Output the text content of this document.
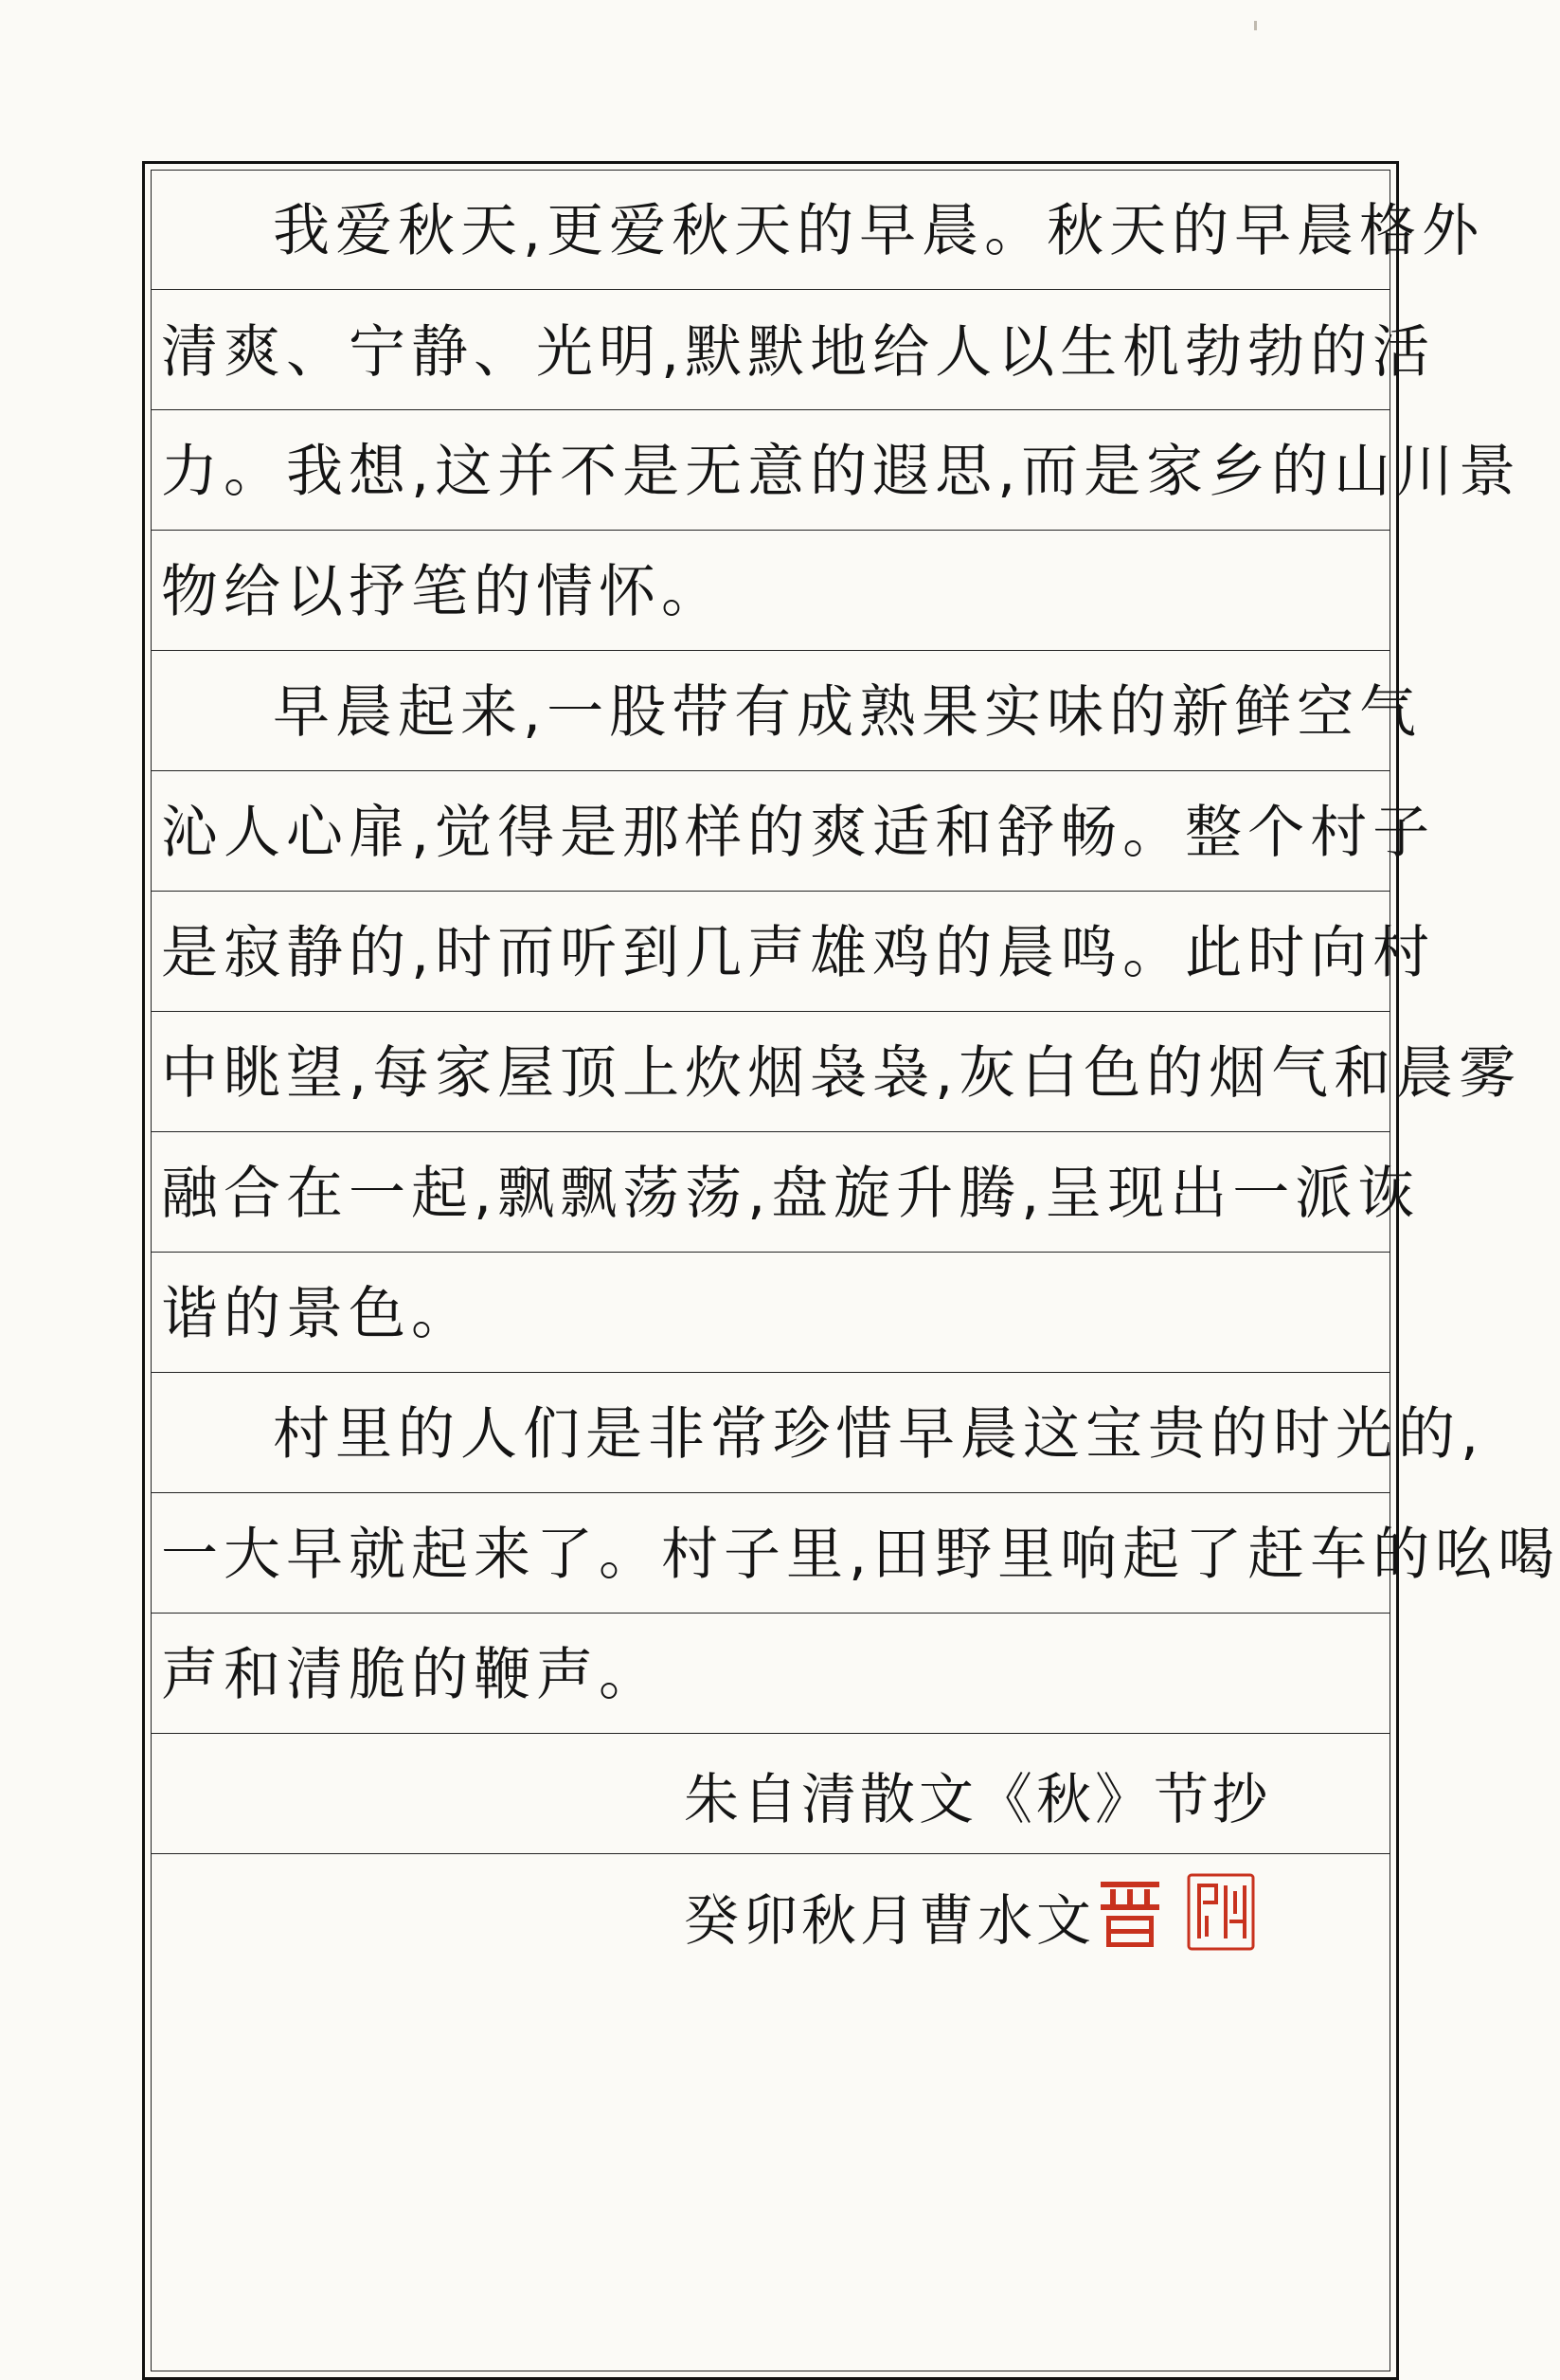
我爱秋天,更爱秋天的早晨。秋天的早晨格外
清爽、宁静、光明,默默地给人以生机勃勃的活
力。我想,这并不是无意的遐思,而是家乡的山川景
物给以抒笔的情怀。
早晨起来,一股带有成熟果实味的新鲜空气
沁人心扉,觉得是那样的爽适和舒畅。整个村子
是寂静的,时而听到几声雄鸡的晨鸣。此时向村
中眺望,每家屋顶上炊烟袅袅,灰白色的烟气和晨雾
融合在一起,飘飘荡荡,盘旋升腾,呈现出一派诙
谐的景色。
村里的人们是非常珍惜早晨这宝贵的时光的,
一大早就起来了。村子里,田野里响起了赶车的吆喝
声和清脆的鞭声。
朱自清散文《秋》节抄
癸卯秋月曹水文
